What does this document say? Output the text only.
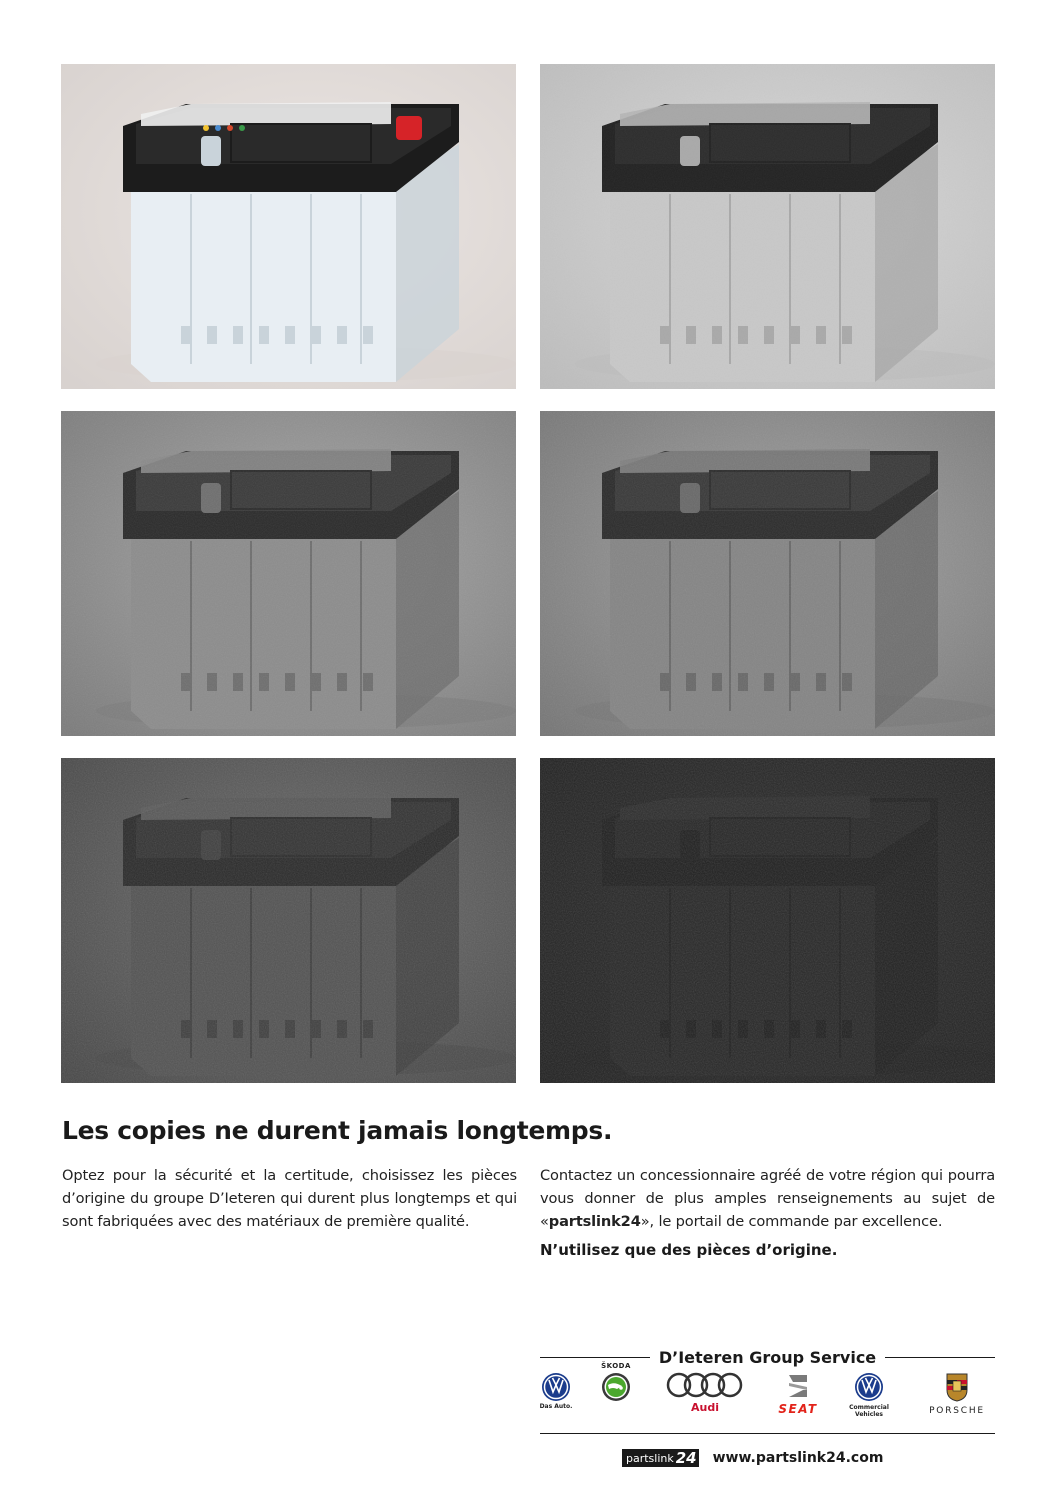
Les copies ne durent jamais longtemps.

Optez pour la sécurité et la certitude, choisissez les pièces d’origine du groupe D’Ieteren qui durent plus longtemps et qui sont fabriquées avec des matériaux de première qualité.

Contactez un concessionnaire agréé de votre région qui pourra vous donner de plus amples renseignements au sujet de «partslink24», le portail de commande par excellence.

N’utilisez que des pièces d’origine.

D’Ieteren Group Service
Das Auto.
ŠKODA
Audi	SEAT	Commercial Vehicles	PORSCHE
partslink 24 www.partslink24.com
